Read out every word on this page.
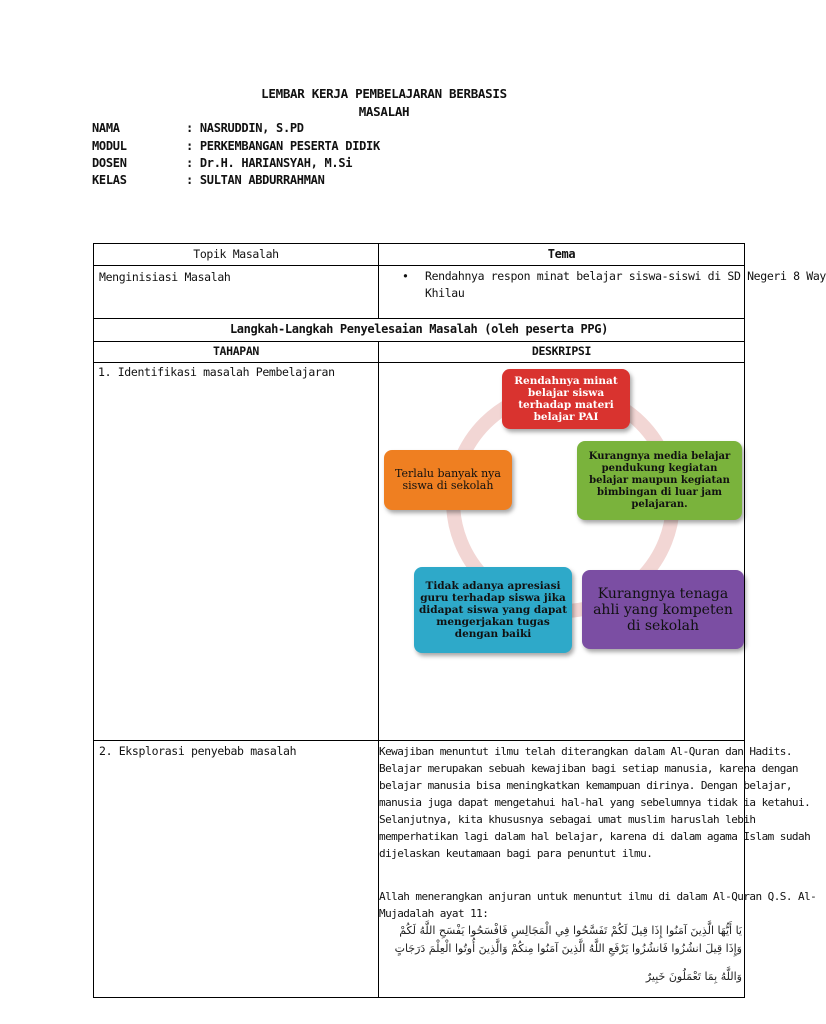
LEMBAR KERJA PEMBELAJARAN BERBASIS
MASALAH
NAMA	: NASRUDDIN, S.PD
MODUL	: PERKEMBANGAN PESERTA DIDIK
DOSEN	: Dr.H. HARIANSYAH, M.Si
KELAS	: SULTAN ABDURRAHMAN
Topik Masalah	Tema
Menginisiasi Masalah	• Rendahnya respon minat belajar siswa-siswi di SD Negeri 8 Way
Khilau
Langkah-Langkah Penyelesaian Masalah (oleh peserta PPG)
TAHAPAN	DESKRIPSI
1. Identifikasi masalah Pembelajaran
Rendahnya minat belajar siswa terhadap materi belajar PAI
Kurangnya media belajar pendukung kegiatan belajar maupun kegiatan bimbingan di luar jam pelajaran.
Kurangnya tenaga ahli yang kompeten di sekolah
Tidak adanya apresiasi guru terhadap siswa jika didapat siswa yang dapat mengerjakan tugas dengan baiki
Terlalu banyak nya siswa di sekolah
2. Eksplorasi penyebab masalah	Kewajiban menuntut ilmu telah diterangkan dalam Al-Quran dan Hadits.

Belajar merupakan sebuah kewajiban bagi setiap manusia, karena dengan

belajar manusia bisa meningkatkan kemampuan dirinya. Dengan belajar,

manusia juga dapat mengetahui hal-hal yang sebelumnya tidak ia ketahui.

Selanjutnya, kita khususnya sebagai umat muslim haruslah lebih

memperhatikan lagi dalam hal belajar, karena di dalam agama Islam sudah

dijelaskan keutamaan bagi para penuntut ilmu.

Allah menerangkan anjuran untuk menuntut ilmu di dalam Al-Quran Q.S. Al-
Mujadalah ayat 11:
يَا أَيُّهَا الَّذِينَ آمَنُوا إِذَا قِيلَ لَكُمْ تَفَسَّحُوا فِي الْمَجَالِسِ فَافْسَحُوا يَفْسَحِ اللَّهُ لَكُمْ
وَإِذَا قِيلَ انشُزُوا فَانشُزُوا يَرْفَعِ اللَّهُ الَّذِينَ آمَنُوا مِنكُمْ وَالَّذِينَ أُوتُوا الْعِلْمَ دَرَجَاتٍ
وَاللَّهُ بِمَا تَعْمَلُونَ خَبِيرٌ
